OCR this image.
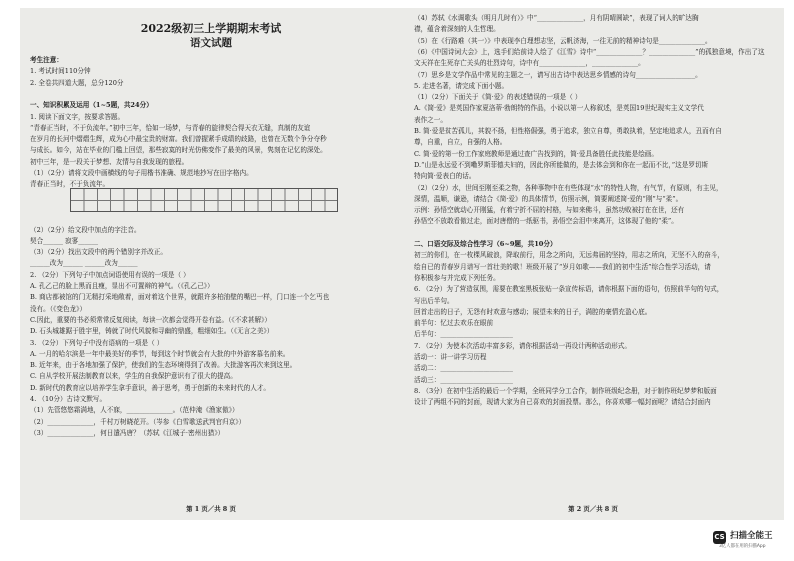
2022级初三上学期期末考试
语文试题
第 1 页／共 8 页
考生注意：
1. 考试时间110分钟
2. 全卷共四道大题，总分120分
一、知识积累及运用（1~5题，共24分）
1. 阅读下面文字，按要求答题。
“青春正当时，不于负流年。”初中三年，恰如一场梦，与青春的旋律契合得天衣无缝，真制的友谊
在岁月的长河中熠熠生辉，成为心中最宝贵的财富。我们曾握紧手成绩的歧路，也曾在无数个争分夺秒
与成长。如今，站在毕业的门槛上回望，那些寂寞的时光仿佛变作了最美的风景，隽刻在记忆的深处。
初中三年，是一段关于梦想、友情与自我发现的旅程。
（1）（2分）请将文段中画横线的句子用楷书准确、规范地抄写在田字格内。
青春正当时，不于负流年。
（2）（2分）给文段中加点的字注音。
契合______ 寂寥______
（3）（2分）找出文段中的两个错别字并改正。
______改为______ ______改为______
2. （2分）下列句子中加点词语使用有误的一项是（ ）
A. 孔乙己的脸上黑而且瘦，显出不可置辩的神气。（《孔乙己》）
B. 商店都被馆的门无精打采地敞着，面对着这个世界，就跟许多柏油壁的嘴巴一样，门口连一个乞丐也
没有。（《变色龙》）
C.因此，重要的书必须常常反复阅读，每读一次都会觉得开卷有益。（《不求甚解》）
D. 石头城雄踞于胜宇里，铸就了时代风貌和寻幽的鼎盛，粗细如生。（《无言之美》）
3. （2分）下列句子中没有语病的一项是（ ）
A. 一月的哈尔滨是一年中最美好的季节，每到这个时节就会有大批的中外游客慕名前来。
B. 近年来，由于各地加强了保护，使我们的生态环境得到了改善。大批游客再次来到这里。
C. 自从学校开展法制教育以来，学生的自我保护意识有了很大的提高。
D. 新时代的教育应以培养学生拿手意识，善于思考，勇于创新的未来时代的人才。
4. （10分）古诗文默写。
（1）先管悠悠霜满地，人不寐，______________。（范仲淹《渔家傲》）
（2）______________，千村万树晓花开。（岑参《白雪歌送武判官归京》）
（3）______________，何日遣冯唐？（苏轼《江城子·密州出猎》）
第 2 页／共 8 页
（4）苏轼《水调歌头（明月几时有）》中“______________，月有阴晴圆缺”，表现了词人的旷达胸
襟，蕴含着深刻的人生哲理。
（5）在《行路难（其一）》中表现李白理想志坚，云帆济海，一往无前的精神诗句是______________。
（6）《中国诗词大会》上，选手们给前诗人绘了《江雪》诗中“______________？______________”的孤独意境，作出了这
文天祥在生死存亡关头的壮烈诗句，诗中有______________，______________。
（7）思乡是文学作品中常见的主题之一，请写出古诗中表达思乡情感的诗句__________________。
5. 走进名著，请完成下面小题。
（1）（2分）下面关于《简·爱》的表述错误的一项是（ ）
A.《简·爱》是英国作家夏洛蒂·勃朗特的作品，小说以第一人称叙述，是英国19世纪现实主义文学代
表作之一。
B. 简·爱是贫苦孤儿，其貌不扬，但性格倔强，勇于追求，独立自尊，勇敢执着，坚定地追求人，丑而有自
尊，自重，自立，自强的人格。
C. 简·爱的第一份工作家庭教师是通过查广告找到的，简·爱具备胜任此技能是绘画。
D.“山是永远爱不到嘞罗斯菲德夫妇的，因此你所能做的，是去体会到和你在一起而不比，”这是罗切斯
特向简·爱表白的话。
（2）（2分）水，世间至刚至柔之物，各种事物中在有些体现“水”的特性人物，有气节，有原则，有主见，
深情，温顺，谦逊，请结合《简·爱》的具体情节，仿照示例，简要阐述简·爱的“刚”与“柔”。
示例：孙悟空就动心开刚猛，有着宁折不屈的村格，与如来佛斗，虽然功败被打在在世，还有
孙悟空不放敢看傲过走，面对唐僧的一纸驱书，孙悟空会泪中来离开，这体现了他的“柔”。
二、口语交际及综合性学习（6~9题，共10分）
初三的你们，在一枚棵风破浪，降取前行，用念之所向，无远弗届的坚持，用志之所向，无坚不入的奋斗，
绘自已的青春岁月谱写一首壮美的歌！班级开展了“岁月如歌——我们的初中生活”综合性学习活动，请
你积极参与并完成下列任务。
6. （2分）为了营造氛围，需要在教室黑板张贴一条宣传标语，请你根据下面的语句，仿照前半句的句式，
写出后半句。
回首走出的日子，无怨有时欢意与感动；展望未来的日子，满腔的豪情充盈心底。
前半句：忆过去欢乐在眼前
后半句：______________________
7. （2分）为使本次活动丰富多彩，请你根据活动一再设计两种活动形式。
活动一：讲一讲学习历程
活动二：______________________
活动三：______________________
8. （3分）在初中生活的最后一个学期，全班同学分工合作，制作班级纪念册，对于制作班纪梦梦和版面
设计了两组不同的封面，现请大家为自己喜欢的封面投票。那么，你喜欢哪一幅封面呢？请结合封面内
CS 扫描全能王
3亿人都在用的扫描App
